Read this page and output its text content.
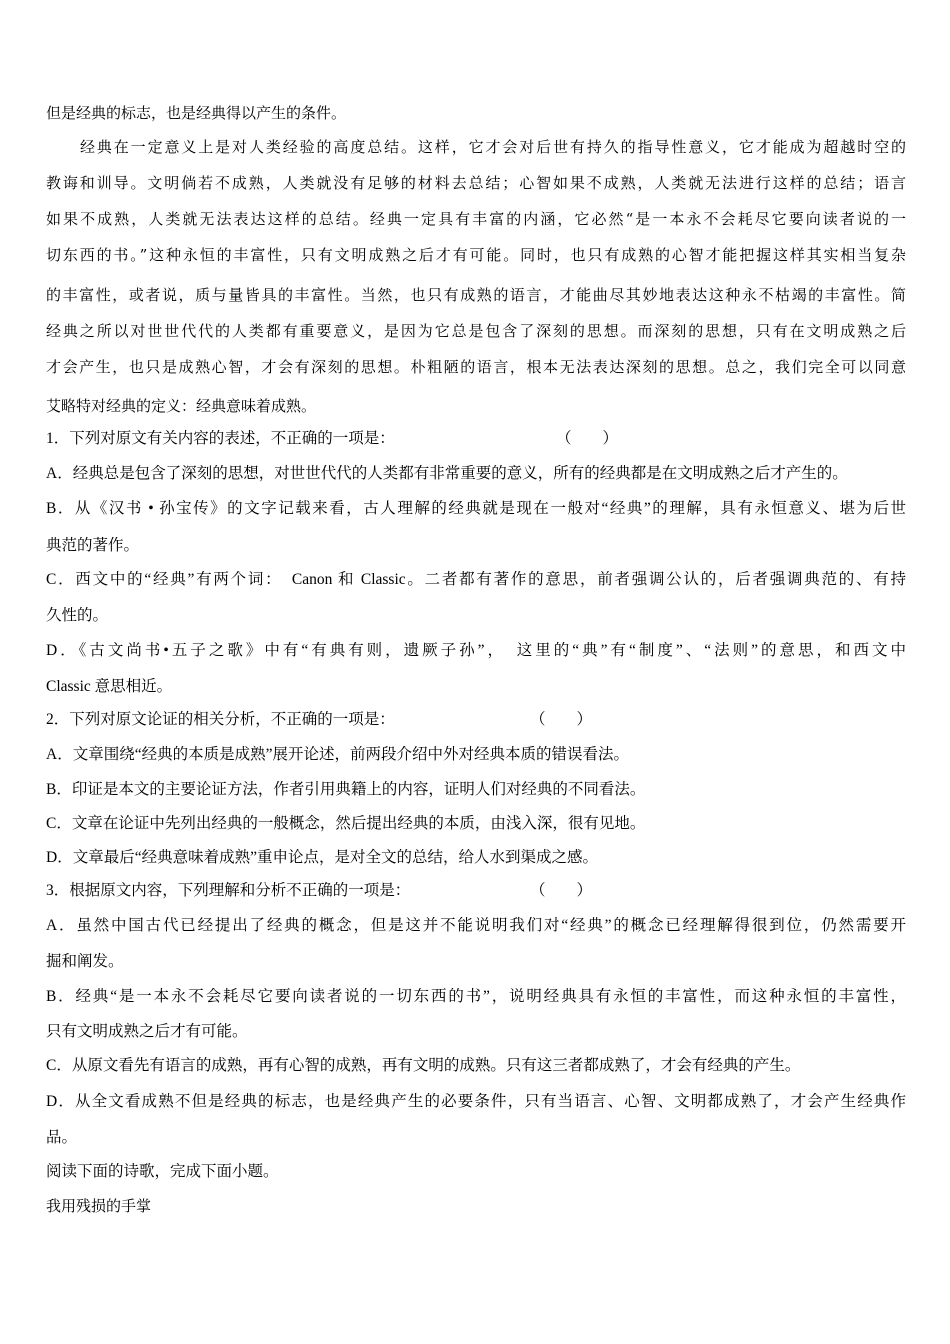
但是经典的标志，也是经典得以产生的条件。
经典在一定意义上是对人类经验的高度总结。这样，它才会对后世有持久的指导性意义，它才能成为超越时空的
教诲和训导。文明倘若不成熟，人类就没有足够的材料去总结；心智如果不成熟，人类就无法进行这样的总结；语言
如果不成熟，人类就无法表达这样的总结。经典一定具有丰富的内涵，它必然“是一本永不会耗尽它要向读者说的一
切东西的书。”这种永恒的丰富性，只有文明成熟之后才有可能。同时，也只有成熟的心智才能把握这样其实相当复杂
的丰富性，或者说，质与量皆具的丰富性。当然，也只有成熟的语言，才能曲尽其妙地表达这种永不枯竭的丰富性。简
经典之所以对世世代代的人类都有重要意义，是因为它总是包含了深刻的思想。而深刻的思想，只有在文明成熟之后
才会产生，也只是成熟心智，才会有深刻的思想。朴粗陋的语言，根本无法表达深刻的思想。总之，我们完全可以同意
艾略特对经典的定义：经典意味着成熟。
1．下列对原文有关内容的表述，不正确的一项是：	（　　）
A．经典总是包含了深刻的思想，对世世代代的人类都有非常重要的意义，所有的经典都是在文明成熟之后才产生的。
B．从《汉书 • 孙宝传》的文字记载来看，古人理解的经典就是现在一般对“经典”的理解，具有永恒意义、堪为后世
典范的著作。
C．西文中的“经典”有两个词：　Canon 和 Classic。二者都有著作的意思，前者强调公认的，后者强调典范的、有持
久性的。
D．《古文尚书•五子之歌》中有“有典有则，遗厥子孙”，　这里的“典”有“制度”、“法则”的意思，和西文中
Classic 意思相近。
2．下列对原文论证的相关分析，不正确的一项是：	（　　）
A．文章围绕“经典的本质是成熟”展开论述，前两段介绍中外对经典本质的错误看法。
B．印证是本文的主要论证方法，作者引用典籍上的内容，证明人们对经典的不同看法。
C．文章在论证中先列出经典的一般概念，然后提出经典的本质，由浅入深，很有见地。
D．文章最后“经典意味着成熟”重申论点，是对全文的总结，给人水到渠成之感。
3．根据原文内容，下列理解和分析不正确的一项是：	（　　）
A．虽然中国古代已经提出了经典的概念，但是这并不能说明我们对“经典”的概念已经理解得很到位，仍然需要开
掘和阐发。
B．经典“是一本永不会耗尽它要向读者说的一切东西的书”，说明经典具有永恒的丰富性，而这种永恒的丰富性，
只有文明成熟之后才有可能。
C．从原文看先有语言的成熟，再有心智的成熟，再有文明的成熟。只有这三者都成熟了，才会有经典的产生。
D．从全文看成熟不但是经典的标志，也是经典产生的必要条件，只有当语言、心智、文明都成熟了，才会产生经典作
品。
阅读下面的诗歌，完成下面小题。
我用残损的手掌
